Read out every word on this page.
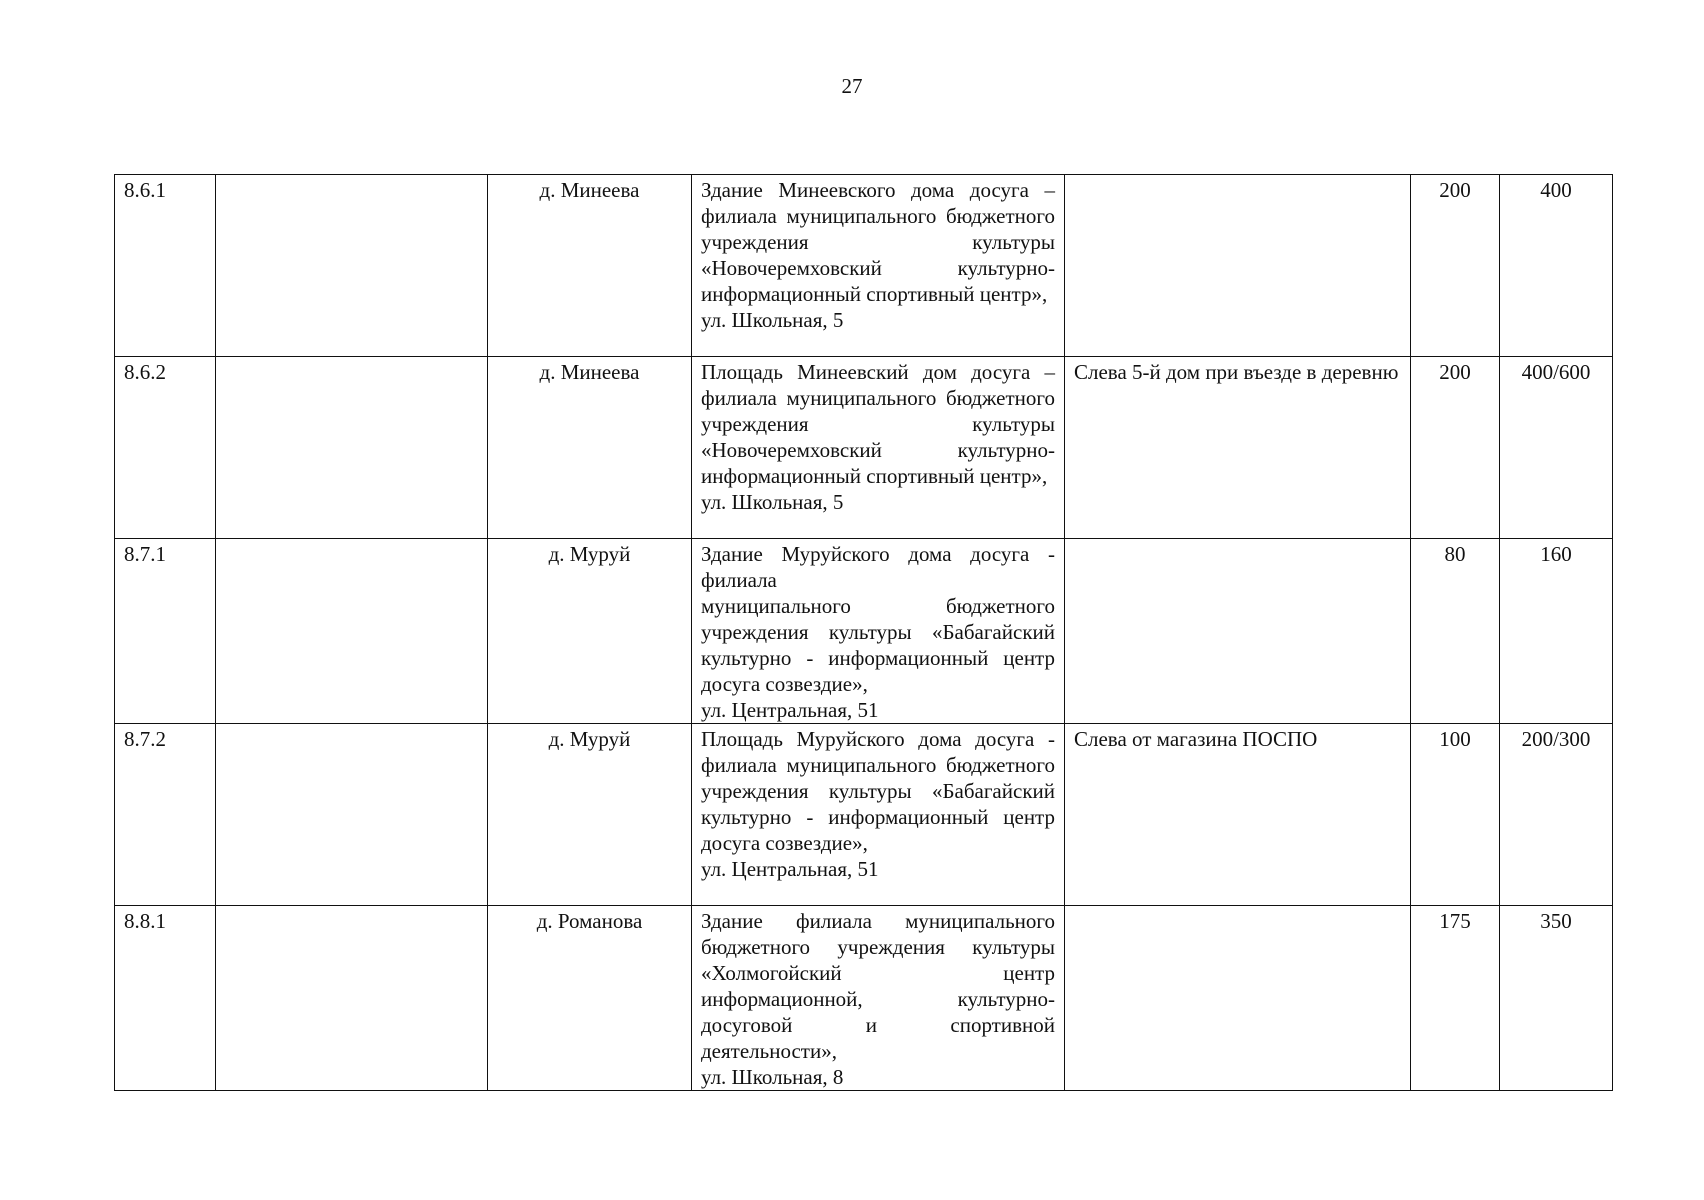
27
8.6.1		д. Минеева	Здание Минеевского дома досуга – филиала муниципального бюджетного учреждения культуры «Новочеремховский культурно-информационный спортивный центр»,
ул. Школьная, 5		200	400
8.6.2		д. Минеева	Площадь Минеевский дом досуга – филиала муниципального бюджетного учреждения культуры «Новочеремховский культурно-информационный спортивный центр»,
ул. Школьная, 5	Слева 5-й дом при въезде в деревню	200	400/600
8.7.1		д. Муруй	Здание Муруйского дома досуга - филиала
муниципального бюджетного учреждения культуры «Бабагайский культурно - информационный центр досуга созвездие»,
ул. Центральная, 51		80	160
8.7.2		д. Муруй	Площадь Муруйского дома досуга - филиала муниципального бюджетного учреждения культуры «Бабагайский культурно - информационный центр досуга созвездие»,
ул. Центральная, 51	Слева от магазина ПОСПО	100	200/300
8.8.1		д. Романова	Здание филиала муниципального бюджетного учреждения культуры «Холмогойский центр информационной, культурно-досуговой и спортивной деятельности»,
ул. Школьная, 8		175	350
